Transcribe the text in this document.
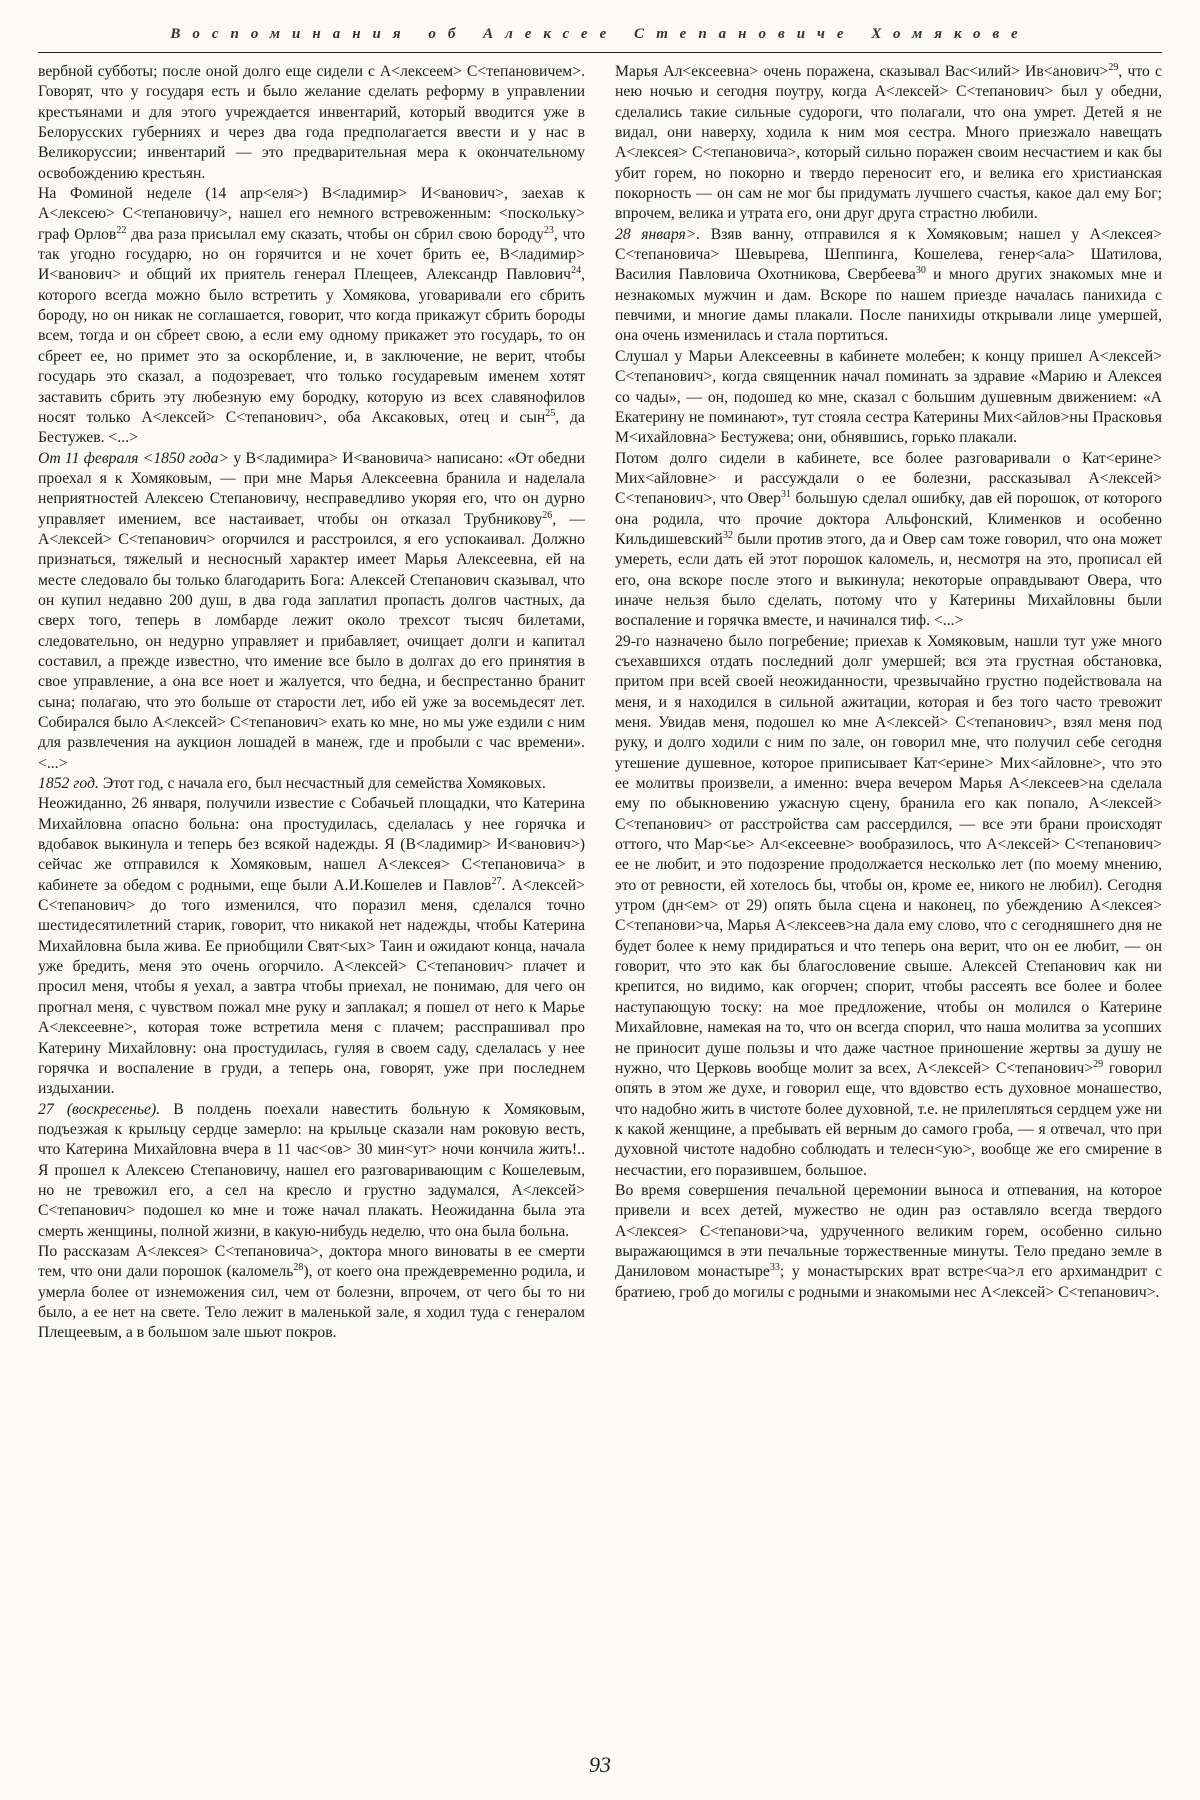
Воспоминания об Алексее Степановиче Хомякове

вербной субботы; после оной долго еще сидели с А<лексеем> С<тепановичем>. Говорят, что у государя есть и было желание сделать реформу в управлении крестьянами и для этого учреждается инвентарий, который вводится уже в Белорусских губерниях и через два года предполагается ввести и у нас в Великоруссии; инвентарий — это предварительная мера к окончательному освобождению крестьян.

На Фоминой неделе (14 апр<еля>) В<ладимир> И<ванович>, заехав к А<лексею> С<тепановичу>, нашел его немного встревоженным: <поскольку> граф Орлов$^{22}$ два раза присылал ему сказать, чтобы он сбрил свою бороду$^{23}$, что так угодно государю, но он горячится и не хочет брить ее, В<ладимир> И<ванович> и общий их приятель генерал Плещеев, Александр Павлович$^{24}$, которого всегда можно было встретить у Хомякова, уговаривали его сбрить бороду, но он никак не соглашается, говорит, что когда прикажут сбрить бороды всем, тогда и он сбреет свою, а если ему одному прикажет это государь, то он сбреет ее, но примет это за оскорбление, и, в заключение, не верит, чтобы государь это сказал, а подозревает, что только государевым именем хотят заставить сбрить эту любезную ему бородку, которую из всех славянофилов носят только А<лексей> С<тепанович>, оба Аксаковых, отец и сын$^{25}$, да Бестужев. <...>

От 11 февраля <1850 года> у В<ладимира> И<вановича> написано: «От обедни проехал я к Хомяковым, — при мне Марья Алексеевна бранила и наделала неприятностей Алексею Степановичу, несправедливо укоряя его, что он дурно управляет имением, все настаивает, чтобы он отказал Трубникову$^{26}$, — А<лексей> С<тепанович> огорчился и расстроился, я его успокаивал. Должно признаться, тяжелый и несносный характер имеет Марья Алексеевна, ей на месте следовало бы только благодарить Бога: Алексей Степанович сказывал, что он купил недавно 200 душ, в два года заплатил пропасть долгов частных, да сверх того, теперь в ломбарде лежит около трехсот тысяч билетами, следовательно, он недурно управляет и прибавляет, очищает долги и капитал составил, а прежде известно, что имение все было в долгах до его принятия в свое управление, а она все ноет и жалуется, что бедна, и беспрестанно бранит сына; полагаю, что это больше от старости лет, ибо ей уже за восемьдесят лет. Собирался было А<лексей> С<тепанович> ехать ко мне, но мы уже ездили с ним для развлечения на аукцион лошадей в манеж, где и пробыли с час времени». <...>

1852 год. Этот год, с начала его, был несчастный для семейства Хомяковых.

Неожиданно, 26 января, получили известие с Собачьей площадки, что Катерина Михайловна опасно больна: она простудилась, сделалась у нее горячка и вдобавок выкинула и теперь без всякой надежды. Я (В<ладимир> И<ванович>) сейчас же отправился к Хомяковым, нашел А<лексея> С<тепановича> в кабинете за обедом с родными, еще были А.И.Кошелев и Павлов$^{27}$. А<лексей> С<тепанович> до того изменился, что поразил меня, сделался точно шестидесятилетний старик, говорит, что никакой нет надежды, чтобы Катерина Михайловна была жива. Ее приобщили Свят<ых> Таин и ожидают конца, начала уже бредить, меня это очень огорчило. А<лексей> С<тепанович> плачет и просил меня, чтобы я уехал, а завтра чтобы приехал, не понимаю, для чего он прогнал меня, с чувством пожал мне руку и заплакал; я пошел от него к Марье А<лексеевне>, которая тоже встретила меня с плачем; расспрашивал про Катерину Михайловну: она простудилась, гуляя в своем саду, сделалась у нее горячка и воспаление в груди, а теперь она, говорят, уже при последнем издыхании.

27 (воскресенье). В полдень поехали навестить больную к Хомяковым, подъезжая к крыльцу сердце замерло: на крыльце сказали нам роковую весть, что Катерина Михайловна вчера в 11 час<ов> 30 мин<ут> ночи кончила жить!.. Я прошел к Алексею Степановичу, нашел его разговаривающим с Кошелевым, но не тревожил его, а сел на кресло и грустно задумался, А<лексей> С<тепанович> подошел ко мне и тоже начал плакать. Неожиданна была эта смерть женщины, полной жизни, в какую-нибудь неделю, что она была больна.

По рассказам А<лексея> С<тепановича>, доктора много виноваты в ее смерти тем, что они дали порошок (каломель$^{28}$), от коего она преждевременно родила, и умерла более от изнеможения сил, чем от болезни, впрочем, от чего бы то ни было, а ее нет на свете. Тело лежит в маленькой зале, я ходил туда с генералом Плещеевым, а в большом зале шьют покров.

Марья Ал<ексеевна> очень поражена, сказывал Вас<илий> Ив<анович>$^{29}$, что с нею ночью и сегодня поутру, когда А<лексей> С<тепанович> был у обедни, сделались такие сильные судороги, что полагали, что она умрет. Детей я не видал, они наверху, ходила к ним моя сестра. Много приезжало навещать А<лексея> С<тепановича>, который сильно поражен своим несчастием и как бы убит горем, но покорно и твердо переносит его, и велика его христианская покорность — он сам не мог бы придумать лучшего счастья, какое дал ему Бог; впрочем, велика и утрата его, они друг друга страстно любили.

28 января>. Взяв ванну, отправился я к Хомяковым; нашел у А<лексея> С<тепановича> Шевырева, Шеппинга, Кошелева, генер<ала> Шатилова, Василия Павловича Охотникова, Свербеева$^{30}$ и много других знакомых мне и незнакомых мужчин и дам. Вскоре по нашем приезде началась панихида с певчими, и многие дамы плакали. После панихиды открывали лице умершей, она очень изменилась и стала портиться.

Слушал у Марьи Алексеевны в кабинете молебен; к концу пришел А<лексей> С<тепанович>, когда священник начал поминать за здравие «Марию и Алексея со чады», — он, подошед ко мне, сказал с большим душевным движением: «А Екатерину не поминают», тут стояла сестра Катерины Мих<айлов>ны Прасковья М<ихайловна> Бестужева; они, обнявшись, горько плакали.

Потом долго сидели в кабинете, все более разговаривали о Кат<ерине> Мих<айловне> и рассуждали о ее болезни, рассказывал А<лексей> С<тепанович>, что Овер$^{31}$ большую сделал ошибку, дав ей порошок, от которого она родила, что прочие доктора Альфонский, Клименков и особенно Кильдишевский$^{32}$ были против этого, да и Овер сам тоже говорил, что она может умереть, если дать ей этот порошок каломель, и, несмотря на это, прописал ей его, она вскоре после этого и выкинула; некоторые оправдывают Овера, что иначе нельзя было сделать, потому что у Катерины Михайловны были воспаление и горячка вместе, и начинался тиф. <...>

29-го назначено было погребение; приехав к Хомяковым, нашли тут уже много съехавшихся отдать последний долг умершей; вся эта грустная обстановка, притом при всей своей неожиданности, чрезвычайно грустно подействовала на меня, и я находился в сильной ажитации, которая и без того часто тревожит меня. Увидав меня, подошел ко мне А<лексей> С<тепанович>, взял меня под руку, и долго ходили с ним по зале, он говорил мне, что получил себе сегодня утешение душевное, которое приписывает Кат<ерине> Мих<айловне>, что это ее молитвы произвели, а именно: вчера вечером Марья А<лексеев>на сделала ему по обыкновению ужасную сцену, бранила его как попало, А<лексей> С<тепанович> от расстройства сам рассердился, — все эти брани происходят оттого, что Мар<ье> Ал<ексеевне> вообразилось, что А<лексей> С<тепанович> ее не любит, и это подозрение продолжается несколько лет (по моему мнению, это от ревности, ей хотелось бы, чтобы он, кроме ее, никого не любил). Сегодня утром (дн<ем> от 29) опять была сцена и наконец, по убеждению А<лексея> С<тепанови>ча, Марья А<лексеев>на дала ему слово, что с сегодняшнего дня не будет более к нему придираться и что теперь она верит, что он ее любит, — он говорит, что это как бы благословение свыше. Алексей Степанович как ни крепится, но видимо, как огорчен; спорит, чтобы рассеять все более и более наступающую тоску: на мое предложение, чтобы он молился о Катерине Михайловне, намекая на то, что он всегда спорил, что наша молитва за усопших не приносит душе пользы и что даже частное приношение жертвы за душу не нужно, что Церковь вообще молит за всех, А<лексей> С<тепанович>$^{29}$ говорил опять в этом же духе, и говорил еще, что вдовство есть духовное монашество, что надобно жить в чистоте более духовной, т.е. не прилепляться сердцем уже ни к какой женщине, а пребывать ей верным до самого гроба, — я отвечал, что при духовной чистоте надобно соблюдать и телесн<ую>, вообще же его смирение в несчастии, его поразившем, большое.

Во время совершения печальной церемонии выноса и отпевания, на которое привели и всех детей, мужество не один раз оставляло всегда твердого А<лексея> С<тепанови>ча, удрученного великим горем, особенно сильно выражающимся в эти печальные торжественные минуты. Тело предано земле в Даниловом монастыре$^{33}$; у монастырских врат встре<ча>л его архимандрит с братиею, гроб до могилы с родными и знакомыми нес А<лексей> С<тепанович>.

93
